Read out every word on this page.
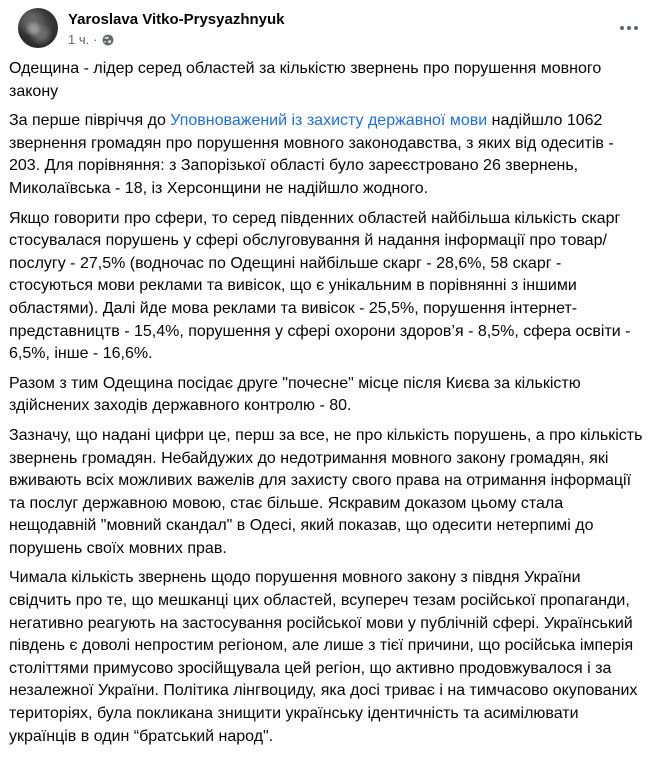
Yaroslava Vitko-Prysyazhnyuk
1 ч. ·

Одещина - лідер серед областей за кількістю звернень про порушення мовного закону

За перше півріччя до Уповноважений із захисту державної мови надійшло 1062 звернення громадян про порушення мовного законодавства, з яких від одеситів - 203. Для порівняння: з Запорізької області було зареєстровано 26 звернень, Миколаївська - 18, із Херсонщини не надійшло жодного.

Якщо говорити про сфери, то серед південних областей найбільша кількість скарг стосувалася порушень у сфері обслуговування й надання інформації про товар/послугу - 27,5% (водночас по Одещині найбільше скарг - 28,6%, 58 скарг - стосуються мови реклами та вивісок, що є унікальним в порівнянні з іншими областями). Далі йде мова реклами та вивісок - 25,5%, порушення інтернет-представництв - 15,4%, порушення у сфері охорони здоров’я - 8,5%, сфера освіти - 6,5%, інше - 16,6%.

Разом з тим Одещина посідає друге "почесне" місце після Києва за кількістю здійснених заходів державного контролю - 80.

Зазначу, що надані цифри це, перш за все, не про кількість порушень, а про кількість звернень громадян. Небайдужих до недотримання мовного закону громадян, які вживають всіх можливих важелів для захисту свого права на отримання інформації та послуг державною мовою, стає більше. Яскравим доказом цьому стала нещодавній "мовний скандал" в Одесі, який показав, що одесити нетерпимі до порушень своїх мовних прав.

Чимала кількість звернень щодо порушення мовного закону з півдня України свідчить про те, що мешканці цих областей, всупереч тезам російської пропаганди, негативно реагують на застосування російської мови у публічній сфері. Український південь є доволі непростим регіоном, але лише з тієї причини, що російська імперія століттями примусово зросійщувала цей регіон, що активно продовжувалося і за незалежної України. Політика лінгвоциду, яка досі триває і на тимчасово окупованих територіях, була покликана знищити українську ідентичність та асимілювати українців в один “братський народ".
